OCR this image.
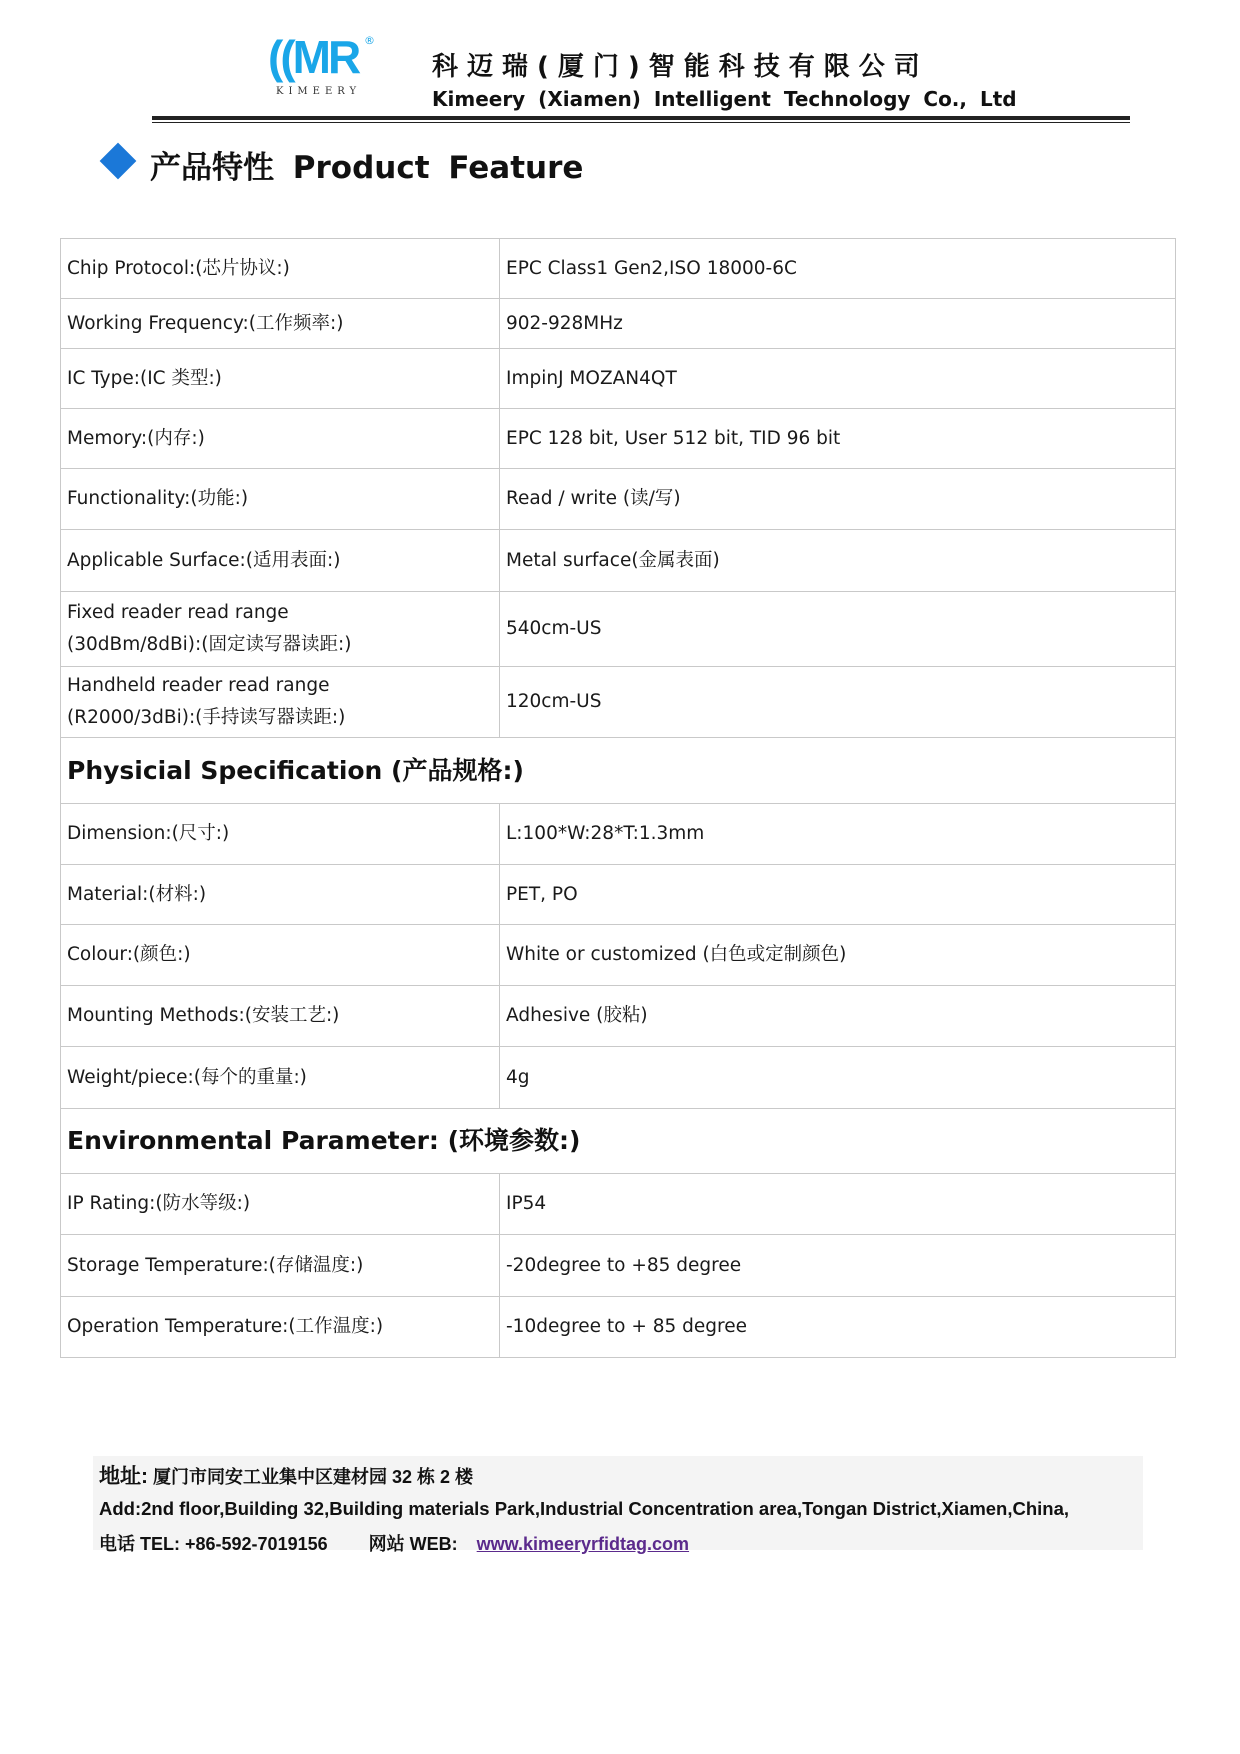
((MR ®
KIMEERY
科迈瑞(厦门)智能科技有限公司
Kimeery (Xiamen) Intelligent Technology Co., Ltd
产品特性 Product Feature
Chip Protocol:(芯片协议:)	EPC Class1 Gen2,ISO 18000-6C
Working Frequency:(工作频率:)	902-928MHz
IC Type:(IC 类型:)	ImpinJ MOZAN4QT
Memory:(内存:)	EPC 128 bit, User 512 bit, TID 96 bit
Functionality:(功能:)	Read / write (读/写)
Applicable Surface:(适用表面:)	Metal surface(金属表面)

Fixed reader read range
(30dBm/8dBi):(固定读写器读距:)	540cm-US

Handheld reader read range
(R2000/3dBi):(手持读写器读距:)	120cm-US
Physicial Specification (产品规格:)	
Dimension:(尺寸:)	L:100*W:28*T:1.3mm
Material:(材料:)	PET, PO
Colour:(颜色:)	White or customized (白色或定制颜色)
Mounting Methods:(安装工艺:)	Adhesive (胶粘)
Weight/piece:(每个的重量:)	4g
Environmental Parameter: (环境参数:)	
IP Rating:(防水等级:)	IP54
Storage Temperature:(存储温度:)	-20degree to +85 degree
Operation Temperature:(工作温度:)	-10degree to + 85 degree
地址: 厦门市同安工业集中区建材园 32 栋 2 楼
Add:2nd floor,Building 32,Building materials Park,Industrial Concentration area,Tongan District,Xiamen,China,
电话 TEL: +86-592-7019156 网站 WEB: www.kimeeryrfidtag.com
